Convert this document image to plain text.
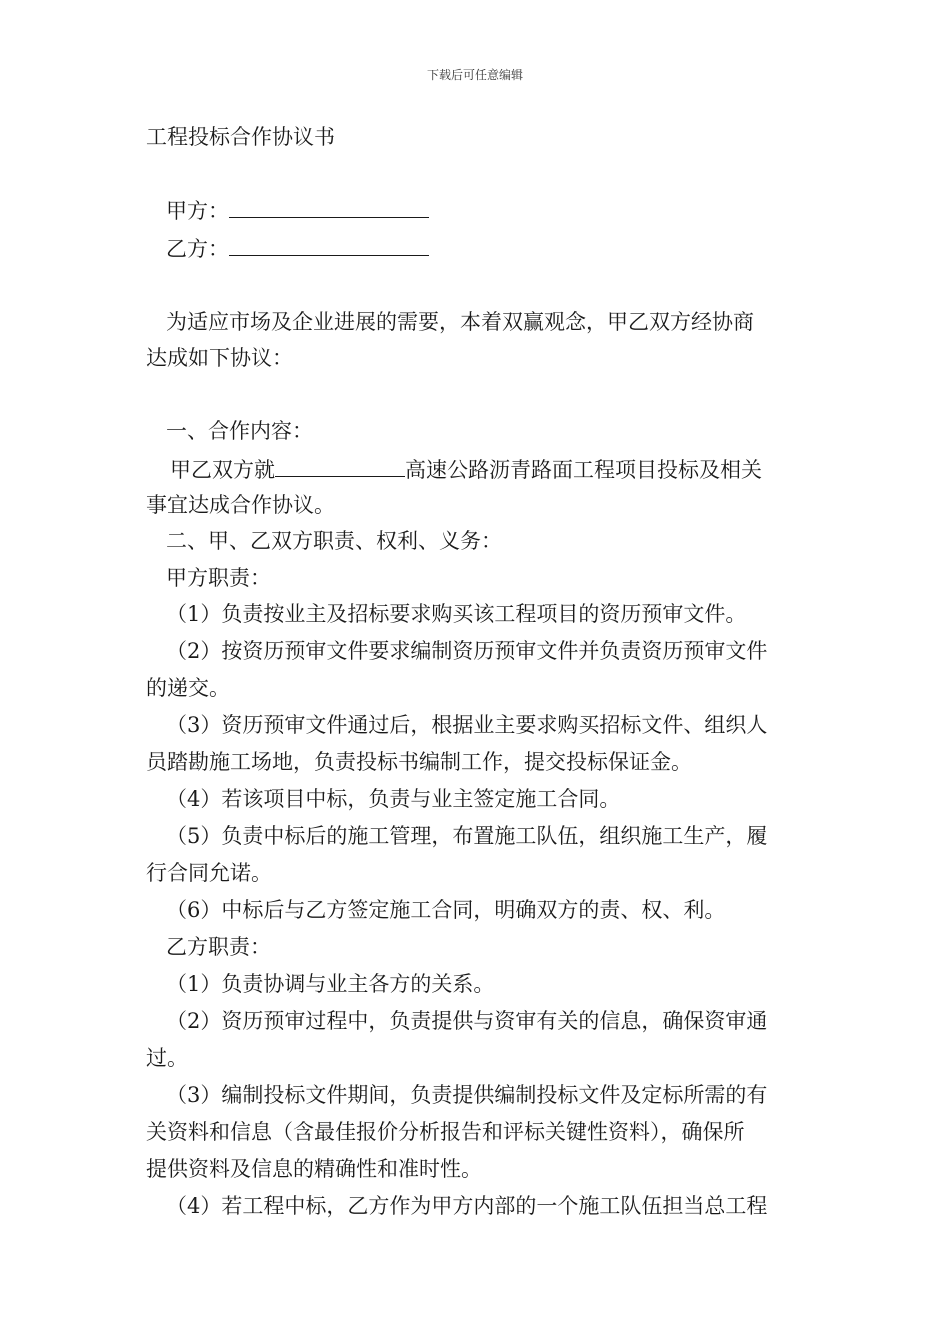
下载后可任意编辑
工程投标合作协议书
甲方：
乙方：
为适应市场及企业进展的需要，本着双赢观念，甲乙双方经协商
达成如下协议：
一、合作内容：
甲乙双方就	高速公路沥青路面工程项目投标及相关
事宜达成合作协议。
二、甲、乙双方职责、权利、义务：
甲方职责：
（1）负责按业主及招标要求购买该工程项目的资历预审文件。
（2）按资历预审文件要求编制资历预审文件并负责资历预审文件
的递交。
（3）资历预审文件通过后，根据业主要求购买招标文件、组织人
员踏勘施工场地，负责投标书编制工作，提交投标保证金。
（4）若该项目中标，负责与业主签定施工合同。
（5）负责中标后的施工管理，布置施工队伍，组织施工生产，履
行合同允诺。
（6）中标后与乙方签定施工合同，明确双方的责、权、利。
乙方职责：
（1）负责协调与业主各方的关系。
（2）资历预审过程中，负责提供与资审有关的信息，确保资审通
过。
（3）编制投标文件期间，负责提供编制投标文件及定标所需的有
关资料和信息（含最佳报价分析报告和评标关键性资料），确保所
提供资料及信息的精确性和准时性。
（4）若工程中标，乙方作为甲方内部的一个施工队伍担当总工程
